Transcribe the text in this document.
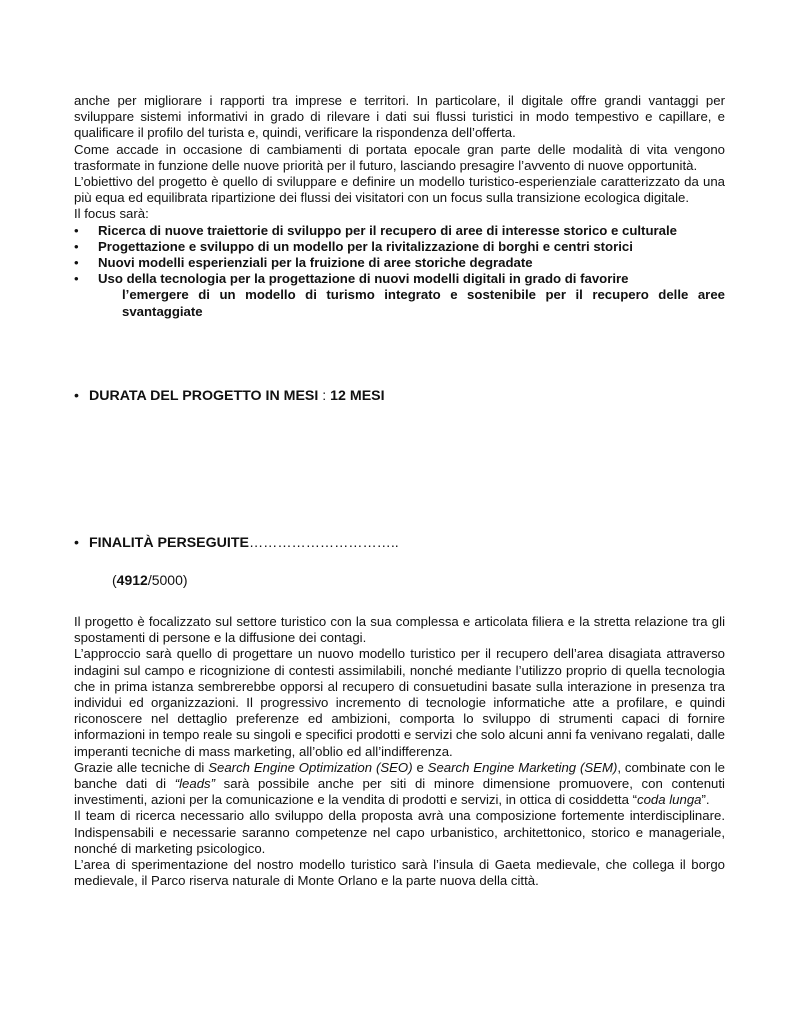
anche per migliorare i rapporti tra imprese e territori. In particolare, il digitale offre grandi vantaggi per sviluppare sistemi informativi in grado di rilevare i dati sui flussi turistici in modo tempestivo e capillare, e qualificare il profilo del turista e, quindi, verificare la rispondenza dell’offerta.

Come accade in occasione di cambiamenti di portata epocale gran parte delle modalità di vita vengono trasformate in funzione delle nuove priorità per il futuro, lasciando presagire l’avvento di nuove opportunità.

L’obiettivo del progetto è quello di sviluppare e definire un modello turistico-esperienziale caratterizzato da una più equa ed equilibrata ripartizione dei flussi dei visitatori con un focus sulla transizione ecologica digitale.

Il focus sarà:

• Ricerca di nuove traiettorie di sviluppo per il recupero di aree di interesse storico e culturale
• Progettazione e sviluppo di un modello per la rivitalizzazione di borghi e centri storici
• Nuovi modelli esperienziali per la fruizione di aree storiche degradate
• Uso della tecnologia per la progettazione di nuovi modelli digitali in grado di favorire
l’emergere di un modello di turismo integrato e sostenibile per il recupero delle aree svantaggiate
• DURATA DEL PROGETTO IN MESI : 12 MESI
• FINALITÀ PERSEGUITE…………………………..
(4912/5000)

Il progetto è focalizzato sul settore turistico con la sua complessa e articolata filiera e la stretta relazione tra gli spostamenti di persone e la diffusione dei contagi.

L’approccio sarà quello di progettare un nuovo modello turistico per il recupero dell’area disagiata attraverso indagini sul campo e ricognizione di contesti assimilabili, nonché mediante l’utilizzo proprio di quella tecnologia che in prima istanza sembrerebbe opporsi al recupero di consuetudini basate sulla interazione in presenza tra individui ed organizzazioni. Il progressivo incremento di tecnologie informatiche atte a profilare, e quindi riconoscere nel dettaglio preferenze ed ambizioni, comporta lo sviluppo di strumenti capaci di fornire informazioni in tempo reale su singoli e specifici prodotti e servizi che solo alcuni anni fa venivano regalati, dalle imperanti tecniche di mass marketing, all’oblio ed all’indifferenza.

Grazie alle tecniche di Search Engine Optimization (SEO) e Search Engine Marketing (SEM), combinate con le banche dati di “leads” sarà possibile anche per siti di minore dimensione promuovere, con contenuti investimenti, azioni per la comunicazione e la vendita di prodotti e servizi, in ottica di cosiddetta “coda lunga”.

Il team di ricerca necessario allo sviluppo della proposta avrà una composizione fortemente interdisciplinare. Indispensabili e necessarie saranno competenze nel capo urbanistico, architettonico, storico e manageriale, nonché di marketing psicologico.

L’area di sperimentazione del nostro modello turistico sarà l’insula di Gaeta medievale, che collega il borgo medievale, il Parco riserva naturale di Monte Orlano e la parte nuova della città.
